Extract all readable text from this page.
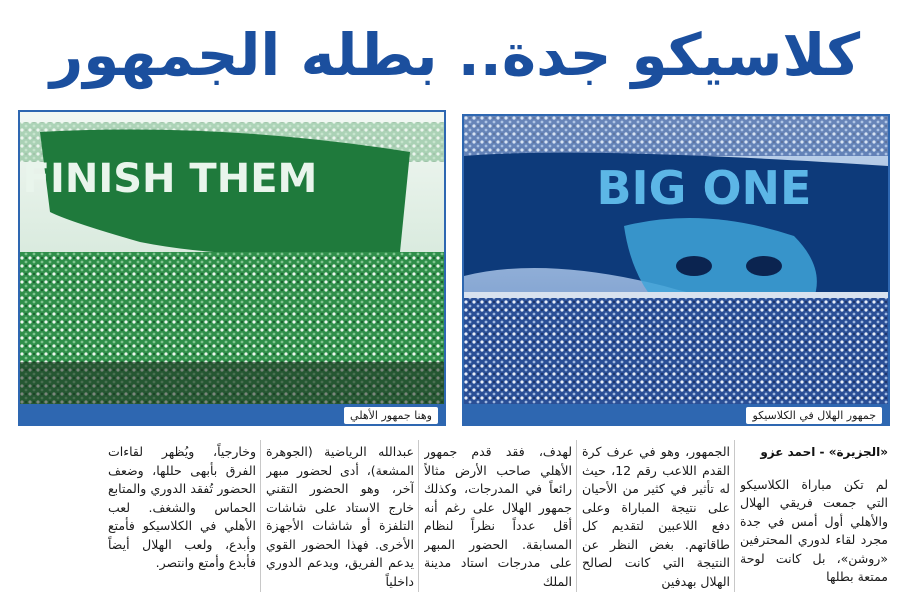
كلاسيكو جدة.. بطله الجمهور
BIG ONE
FINISH THEM
جمهور الهلال في الكلاسيكو
وهنا جمهور الأهلي
«الجزيرة» - احمد عزو

لم تكن مباراة الكلاسيكو التي جمعت فريقي الهلال والأهلي أول أمس في جدة مجرد لقاء لدوري المحترفين «روشن»، بل كانت لوحة ممتعة بطلها

الجمهور، وهو في عرف كرة القدم اللاعب رقم 12، حيث له تأثير في كثير من الأحيان على نتيجة المباراة وعلى دفع اللاعبين لتقديم كل طاقاتهم. بغض النظر عن النتيجة التي كانت لصالح الهلال بهدفين

لهدف، فقد قدم جمهور الأهلي صاحب الأرض مثالاً رائعاً في المدرجات، وكذلك جمهور الهلال على رغم أنه أقل عدداً نظراً لنظام المسابقة. الحضور المبهر على مدرجات استاد مدينة الملك

عبدالله الرياضية (الجوهرة المشعة)، أدى لحضور مبهر آخر، وهو الحضور التقني خارج الاستاد على شاشات التلفزة أو شاشات الأجهزة الأخرى. فهذا الحضور القوي يدعم الفريق، ويدعم الدوري داخلياً

وخارجياً، ويُظهر لقاءات الفرق بأبهى حللها، وضعف الحضور تُفقد الدوري والمتابع الحماس والشغف. لعب الأهلي في الكلاسيكو فأمتع وأبدع، ولعب الهلال أيضاً فأبدع وأمتع وانتصر.
